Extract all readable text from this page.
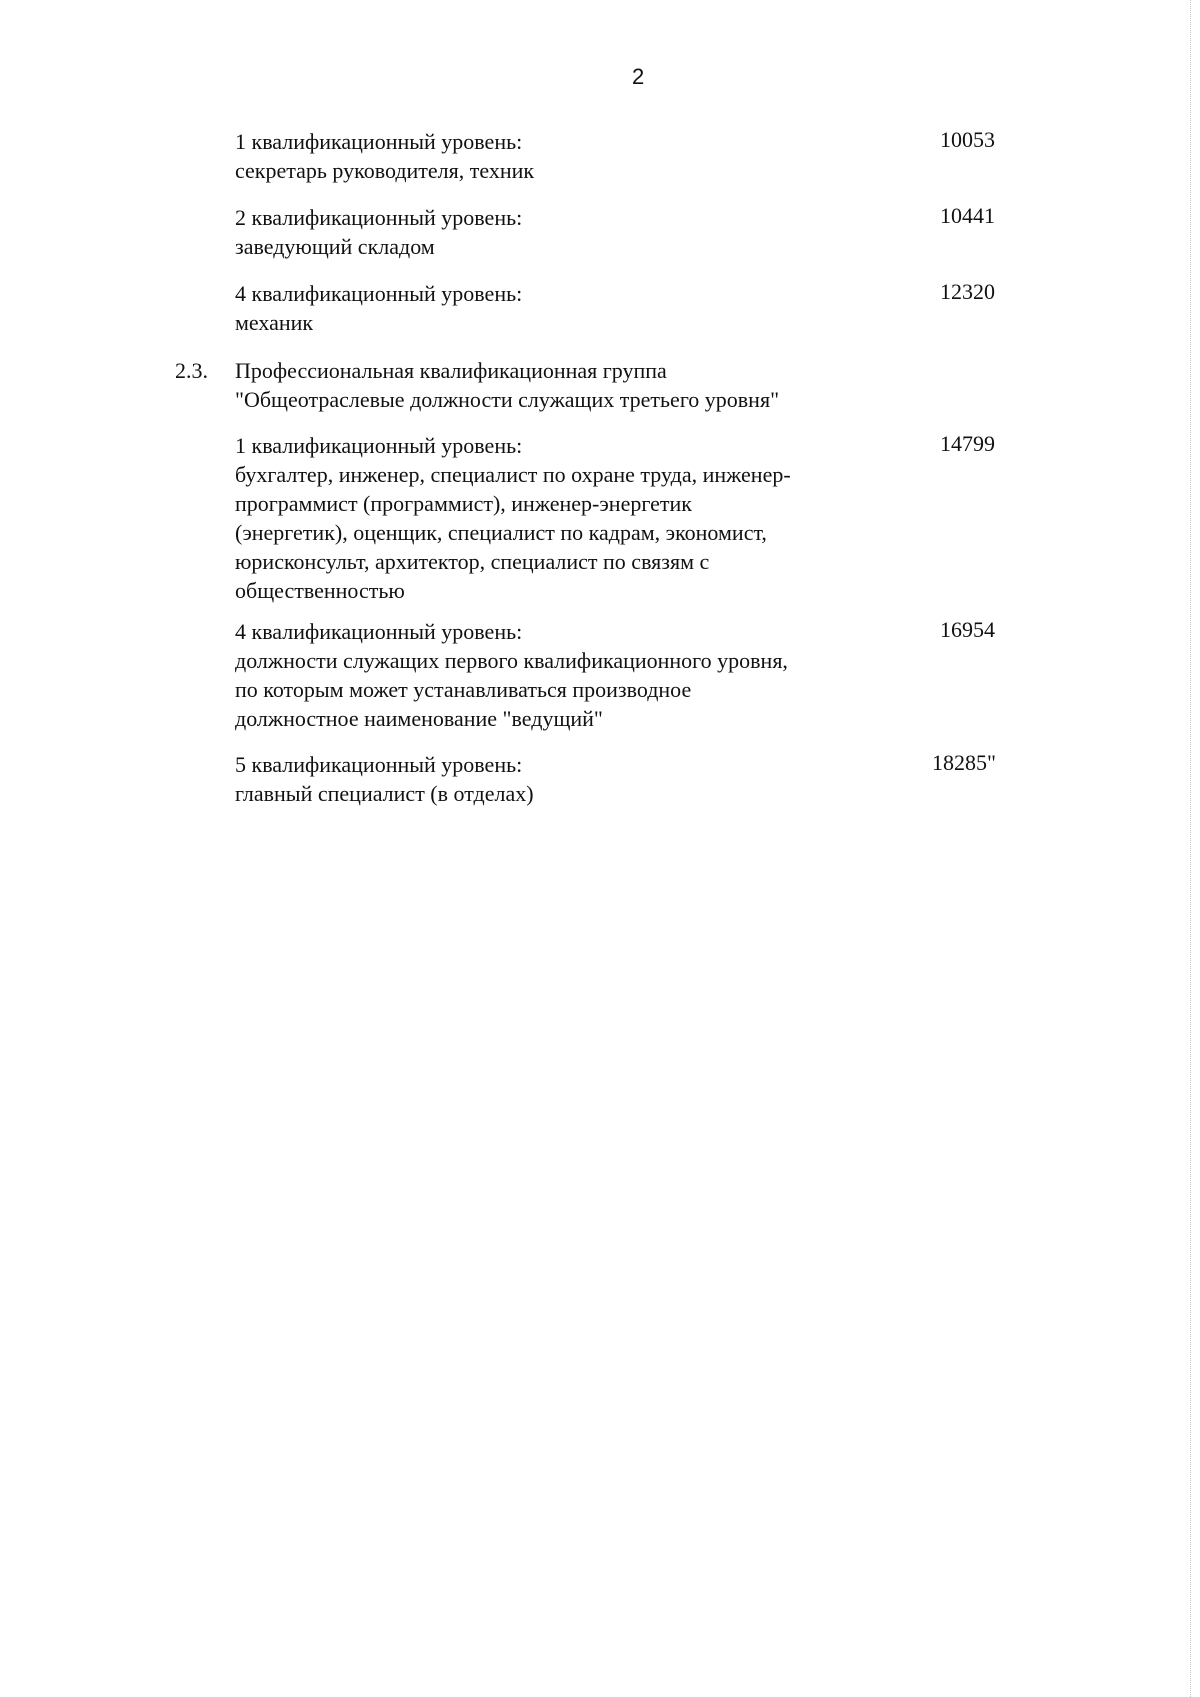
2
1 квалификационный уровень:
секретарь руководителя, техник
10053
2 квалификационный уровень:
заведующий складом
10441
4 квалификационный уровень:
механик
12320
2.3. Профессиональная квалификационная группа
"Общеотраслевые должности служащих третьего уровня"
1 квалификационный уровень:
бухгалтер, инженер, специалист по охране труда, инженер-
программист (программист), инженер-энергетик
(энергетик), оценщик, специалист по кадрам, экономист,
юрисконсульт, архитектор, специалист по связям с
общественностью
14799
4 квалификационный уровень:
должности служащих первого квалификационного уровня,
по которым может устанавливаться производное
должностное наименование "ведущий"
16954
5 квалификационный уровень:
главный специалист (в отделах)
18285"
